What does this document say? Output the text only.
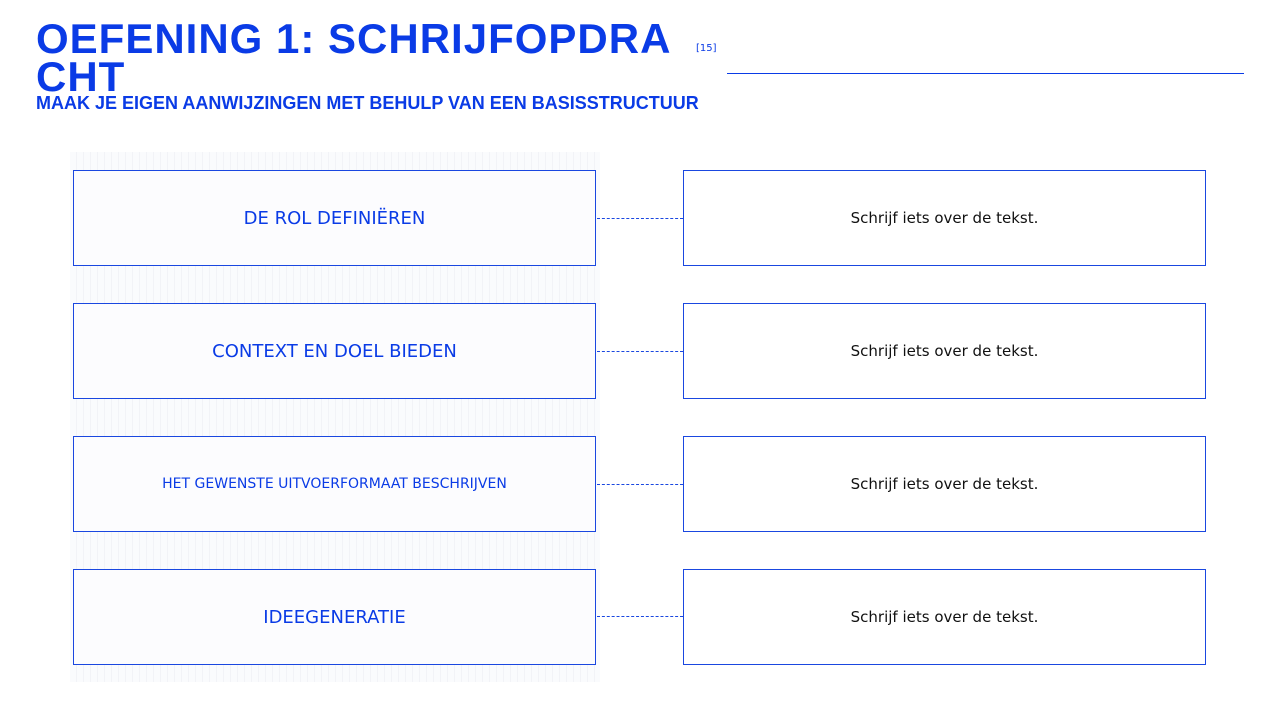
OEFENING 1: SCHRIJFOPDRACHT
[15]
MAAK JE EIGEN AANWIJZINGEN MET BEHULP VAN EEN BASISSTRUCTUUR
DE ROL DEFINIËREN	Schrijf iets over de tekst.
CONTEXT EN DOEL BIEDEN	Schrijf iets over de tekst.
HET GEWENSTE UITVOERFORMAAT BESCHRIJVEN	Schrijf iets over de tekst.
IDEEGENERATIE	Schrijf iets over de tekst.
